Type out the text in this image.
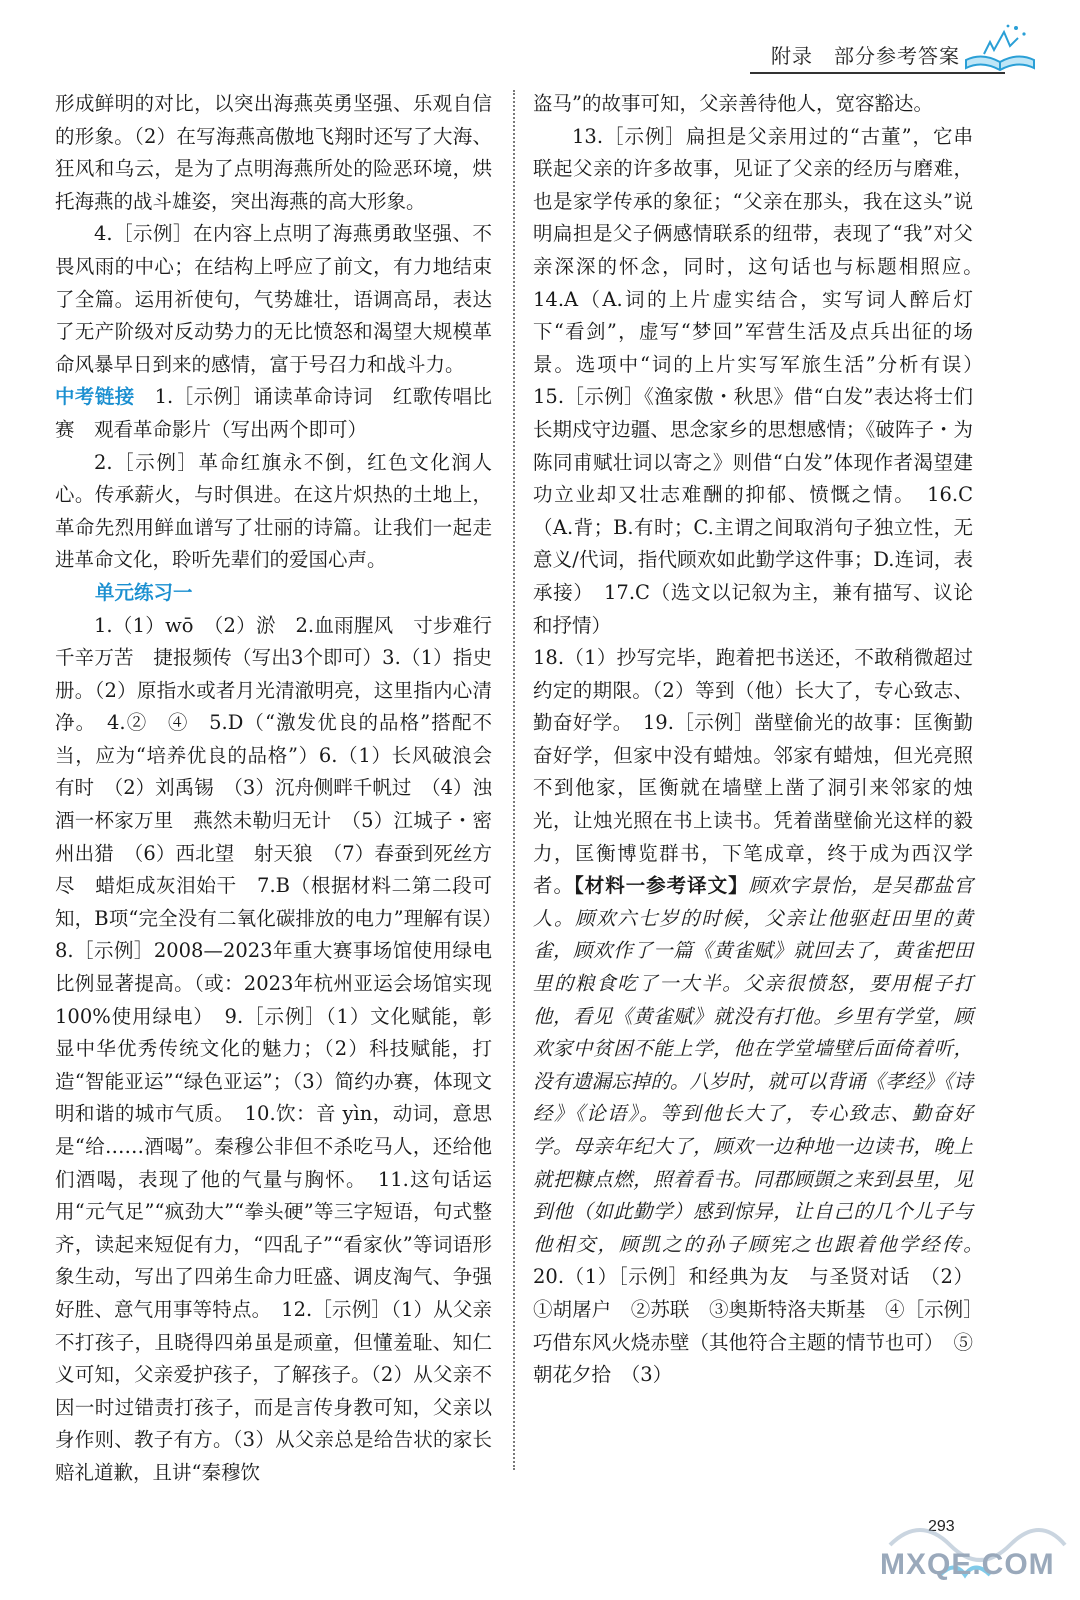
附录　部分参考答案

形成鲜明的对比，以突出海燕英勇坚强、乐观自信的形象。（2）在写海燕高傲地飞翔时还写了大海、狂风和乌云，是为了点明海燕所处的险恶环境，烘托海燕的战斗雄姿，突出海燕的高大形象。

4.［示例］在内容上点明了海燕勇敢坚强、不畏风雨的中心；在结构上呼应了前文，有力地结束了全篇。运用祈使句，气势雄壮，语调高昂，表达了无产阶级对反动势力的无比愤怒和渴望大规模革命风暴早日到来的感情，富于号召力和战斗力。

中考链接　 1.［示例］诵读革命诗词　红歌传唱比赛　观看革命影片（写出两个即可）

2.［示例］革命红旗永不倒，红色文化润人心。传承薪火，与时俱进。在这片炽热的土地上，革命先烈用鲜血谱写了壮丽的诗篇。让我们一起走进革命文化，聆听先辈们的爱国心声。

单元练习一

1.（1）wō　（2）淤　2.血雨腥风　寸步难行　千辛万苦　捷报频传（写出3个即可）3.（1）指史册。（2）原指水或者月光清澈明亮，这里指内心清净。　4.②　④　5.D（“激发优良的品格”搭配不当，应为“培养优良的品格”）6.（1）长风破浪会有时　（2）刘禹锡　（3）沉舟侧畔千帆过　（4）浊酒一杯家万里　燕然未勒归无计　（5）江城子・密州出猎　（6）西北望　射天狼　（7）春蚕到死丝方尽　蜡炬成灰泪始干　7.B（根据材料二第二段可知，B项“完全没有二氧化碳排放的电力”理解有误）　8.［示例］2008—2023年重大赛事场馆使用绿电比例显著提高。（或：2023年杭州亚运会场馆实现100%使用绿电）　9.［示例］（1）文化赋能，彰显中华优秀传统文化的魅力；（2）科技赋能，打造“智能亚运”“绿色亚运”；（3）简约办赛，体现文明和谐的城市气质。　10.饮：音 yìn，动词，意思是“给……酒喝”。秦穆公非但不杀吃马人，还给他们酒喝，表现了他的气量与胸怀。　11.这句话运用“元气足”“疯劲大”“拳头硬”等三字短语，句式整齐，读起来短促有力，“四乱子”“看家伙”等词语形象生动，写出了四弟生命力旺盛、调皮淘气、争强好胜、意气用事等特点。　12.［示例］（1）从父亲不打孩子，且晓得四弟虽是顽童，但懂羞耻、知仁义可知，父亲爱护孩子，了解孩子。（2）从父亲不因一时过错责打孩子，而是言传身教可知，父亲以身作则、教子有方。（3）从父亲总是给告状的家长赔礼道歉，且讲“秦穆饮

盗马”的故事可知，父亲善待他人，宽容豁达。

13.［示例］扁担是父亲用过的“古董”，它串联起父亲的许多故事，见证了父亲的经历与磨难，也是家学传承的象征；“父亲在那头，我在这头”说明扁担是父子俩感情联系的纽带，表现了“我”对父亲深深的怀念，同时，这句话也与标题相照应。　14.A（A.词的上片虚实结合，实写词人醉后灯下“看剑”，虚写“梦回”军营生活及点兵出征的场景。选项中“词的上片实写军旅生活”分析有误）　15.［示例］《渔家傲・秋思》借“白发”表达将士们长期戍守边疆、思念家乡的思想感情；《破阵子・为陈同甫赋壮词以寄之》则借“白发”体现作者渴望建功立业却又壮志难酬的抑郁、愤慨之情。　16.C（A.背；B.有时；C.主谓之间取消句子独立性，无意义/代词，指代顾欢如此勤学这件事；D.连词，表承接）　17.C（选文以记叙为主，兼有描写、议论和抒情）

18.（1）抄写完毕，跑着把书送还，不敢稍微超过约定的期限。（2）等到（他）长大了，专心致志、勤奋好学。　19.［示例］凿壁偷光的故事：匡衡勤奋好学，但家中没有蜡烛。邻家有蜡烛，但光亮照不到他家，匡衡就在墙壁上凿了洞引来邻家的烛光，让烛光照在书上读书。凭着凿壁偷光这样的毅力，匡衡博览群书，下笔成章，终于成为西汉学者。【材料一参考译文】顾欢字景怡，是吴郡盐官人。顾欢六七岁的时候，父亲让他驱赶田里的黄雀，顾欢作了一篇《黄雀赋》就回去了，黄雀把田里的粮食吃了一大半。父亲很愤怒，要用棍子打他，看见《黄雀赋》就没有打他。乡里有学堂，顾欢家中贫困不能上学，他在学堂墙壁后面倚着听，没有遗漏忘掉的。八岁时，就可以背诵《孝经》《诗经》《论语》。等到他长大了，专心致志、勤奋好学。母亲年纪大了，顾欢一边种地一边读书，晚上就把糠点燃，照着看书。同郡顾顗之来到县里，见到他（如此勤学）感到惊异，让自己的几个儿子与他相交，顾凯之的孙子顾宪之也跟着他学经传。　20.（1）［示例］和经典为友　与圣贤对话　（2）①胡屠户　②苏联　③奥斯特洛夫斯基　④［示例］巧借东风火烧赤壁（其他符合主题的情节也可）　⑤朝花夕拾　（3）

293
MXQE.COM
